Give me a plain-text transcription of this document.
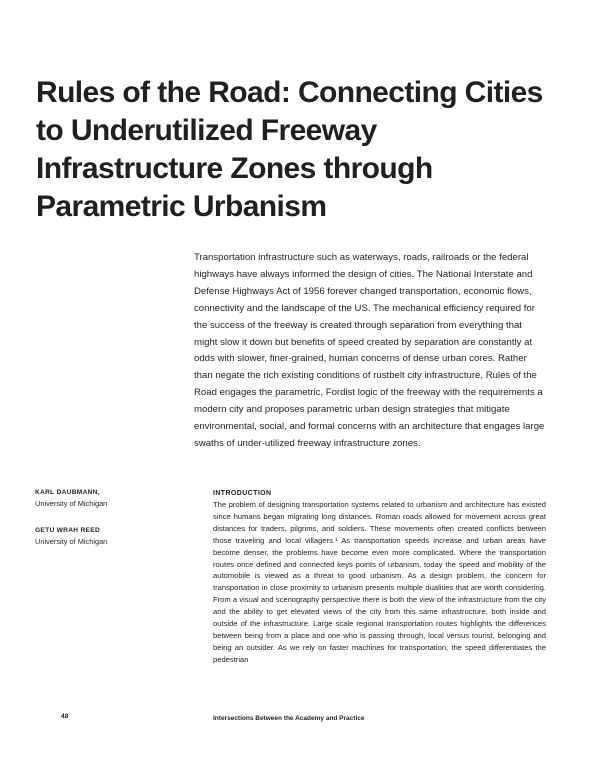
Rules of the Road: Connecting Cities to Underutilized Freeway Infrastructure Zones through Parametric Urbanism

Transportation infrastructure such as waterways, roads, railroads or the federal highways have always informed the design of cities. The National Interstate and Defense Highways Act of 1956 forever changed transportation, economic flows, connectivity and the landscape of the US. The mechanical efficiency required for the success of the freeway is created through separation from everything that might slow it down but benefits of speed created by separation are constantly at odds with slower, finer-grained, human concerns of dense urban cores. Rather than negate the rich existing conditions of rustbelt city infrastructure, Rules of the Road engages the parametric, Fordist logic of the freeway with the requirements a modern city and proposes parametric urban design strategies that mitigate environmental, social, and formal concerns with an architecture that engages large swaths of under-utilized freeway infrastructure zones.

KARL DAUBMANN,
University of Michigan
GETU WRAH REED
University of Michigan
INTRODUCTION

The problem of designing transportation systems related to urbanism and architecture has existed since humans began migrating long distances. Roman roads allowed for movement across great distances for traders, pilgrims, and soldiers. These movements often created conflicts between those traveling and local villagers.¹ As transportation speeds increase and urban areas have become denser, the problems have become even more complicated. Where the transportation routes once defined and connected keys points of urbanism, today the speed and mobility of the automobile is viewed as a threat to good urbanism. As a design problem, the concern for transportation in close proximity to urbanism presents multiple dualities that are worth considering. From a visual and scenography perspective there is both the view of the infrastructure from the city and the ability to get elevated views of the city from this same infrastructure, both inside and outside of the infrastructure. Large scale regional transportation routes highlights the differences between being from a place and one who is passing through, local versus tourist, belonging and being an outsider. As we rely on faster machines for transportation, the speed differentiates the pedestrian

48	Intersections Between the Academy and Practice
